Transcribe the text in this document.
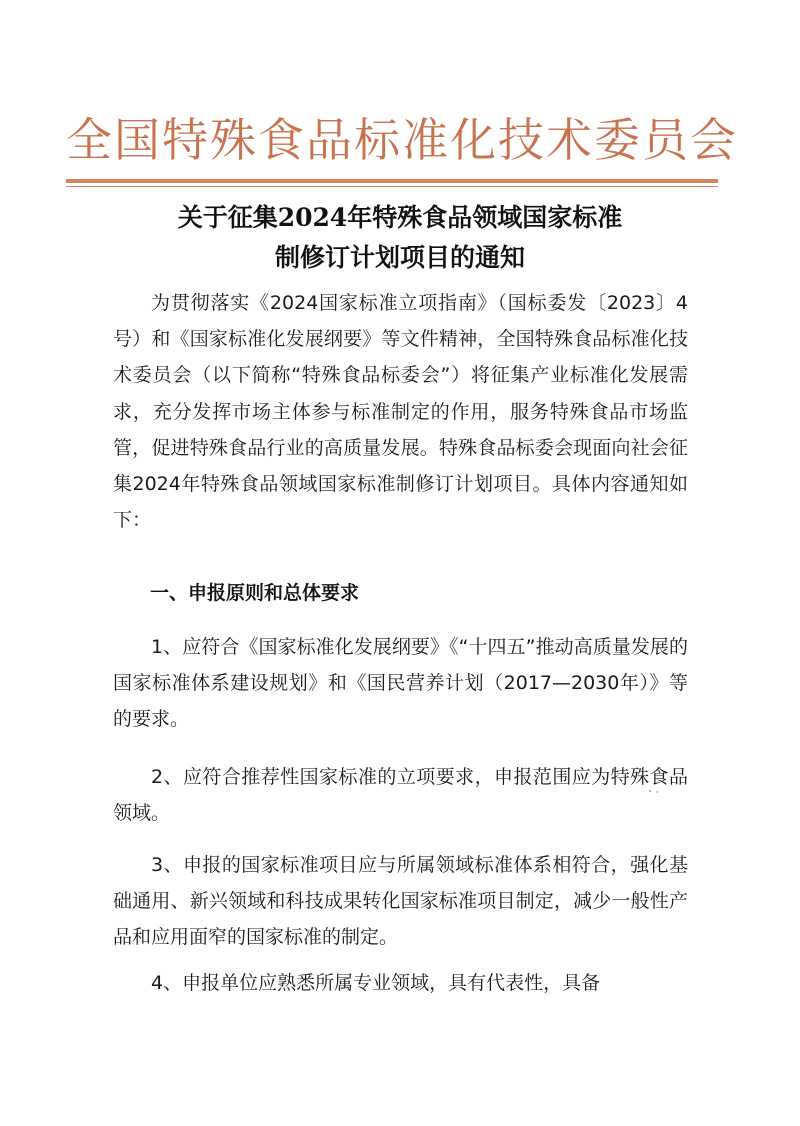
全国特殊食品标准化技术委员会
关于征集2024年特殊食品领域国家标准
制修订计划项目的通知

为贯彻落实《2024国家标准立项指南》（国标委发〔2023〕4号）和《国家标准化发展纲要》等文件精神，全国特殊食品标准化技术委员会（以下简称“特殊食品标委会”）将征集产业标准化发展需求，充分发挥市场主体参与标准制定的作用，服务特殊食品市场监管，促进特殊食品行业的高质量发展。特殊食品标委会现面向社会征集2024年特殊食品领域国家标准制修订计划项目。具体内容通知如下：

一、申报原则和总体要求

1、应符合《国家标准化发展纲要》《“十四五”推动高质量发展的国家标准体系建设规划》和《国民营养计划（2017—2030年）》等的要求。

2、应符合推荐性国家标准的立项要求，申报范围应为特殊食品领域。

3、申报的国家标准项目应与所属领域标准体系相符合，强化基础通用、新兴领域和科技成果转化国家标准项目制定，减少一般性产品和应用面窄的国家标准的制定。

4、申报单位应熟悉所属专业领域，具有代表性，具备
